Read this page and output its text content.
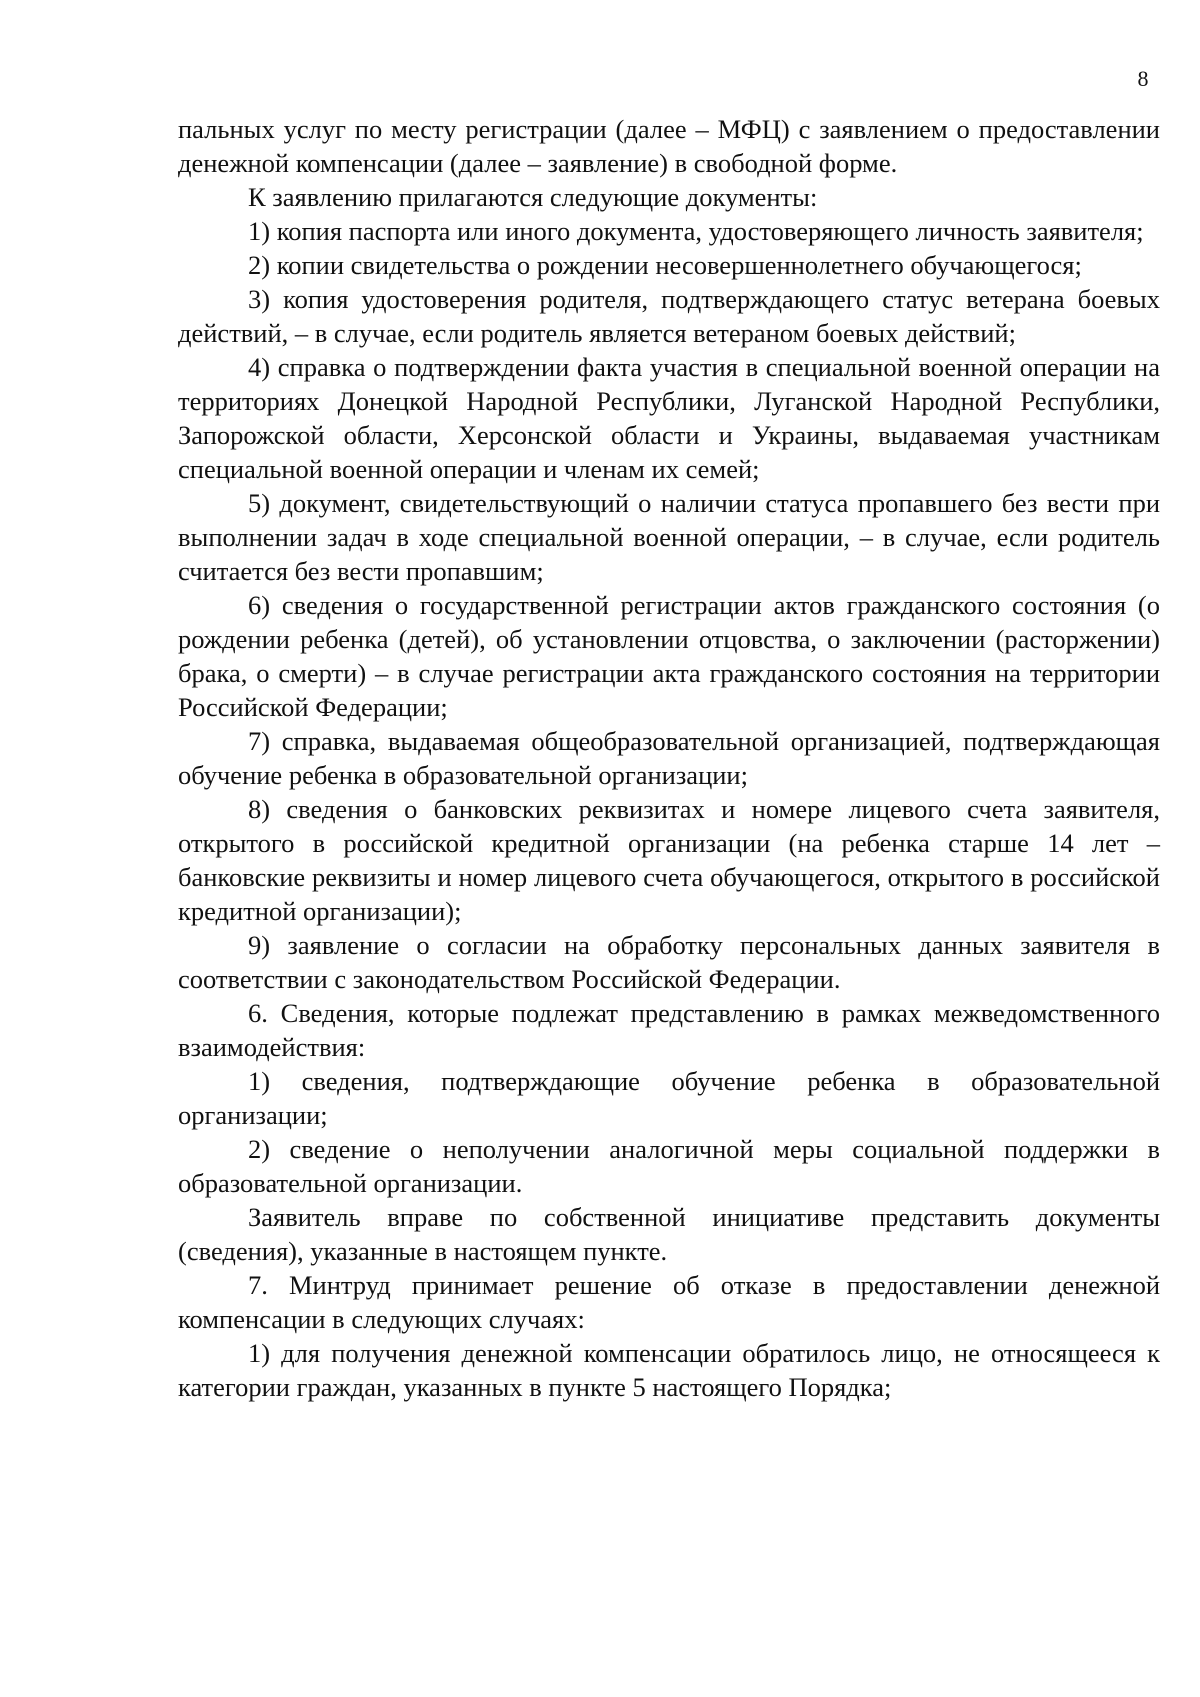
8

пальных услуг по месту регистрации (далее – МФЦ) с заявлением о предоставлении денежной компенсации (далее – заявление) в свободной форме.

К заявлению прилагаются следующие документы:

1) копия паспорта или иного документа, удостоверяющего личность заявителя;

2) копии свидетельства о рождении несовершеннолетнего обучающегося;

3) копия удостоверения родителя, подтверждающего статус ветерана боевых действий, – в случае, если родитель является ветераном боевых действий;

4) справка о подтверждении факта участия в специальной военной операции на территориях Донецкой Народной Республики, Луганской Народной Республики, Запорожской области, Херсонской области и Украины, выдаваемая участникам специальной военной операции и членам их семей;

5) документ, свидетельствующий о наличии статуса пропавшего без вести при выполнении задач в ходе специальной военной операции, – в случае, если родитель считается без вести пропавшим;

6) сведения о государственной регистрации актов гражданского состояния (о рождении ребенка (детей), об установлении отцовства, о заключении (расторжении) брака, о смерти) – в случае регистрации акта гражданского состояния на территории Российской Федерации;

7) справка, выдаваемая общеобразовательной организацией, подтверждающая обучение ребенка в образовательной организации;

8) сведения о банковских реквизитах и номере лицевого счета заявителя, открытого в российской кредитной организации (на ребенка старше 14 лет – банковские реквизиты и номер лицевого счета обучающегося, открытого в российской кредитной организации);

9) заявление о согласии на обработку персональных данных заявителя в соответствии с законодательством Российской Федерации.

6. Сведения, которые подлежат представлению в рамках межведомственного взаимодействия:

1) сведения, подтверждающие обучение ребенка в образовательной организации;

2) сведение о неполучении аналогичной меры социальной поддержки в образовательной организации.

Заявитель вправе по собственной инициативе представить документы (сведения), указанные в настоящем пункте.

7. Минтруд принимает решение об отказе в предоставлении денежной компенсации в следующих случаях:

1) для получения денежной компенсации обратилось лицо, не относящееся к категории граждан, указанных в пункте 5 настоящего Порядка;
